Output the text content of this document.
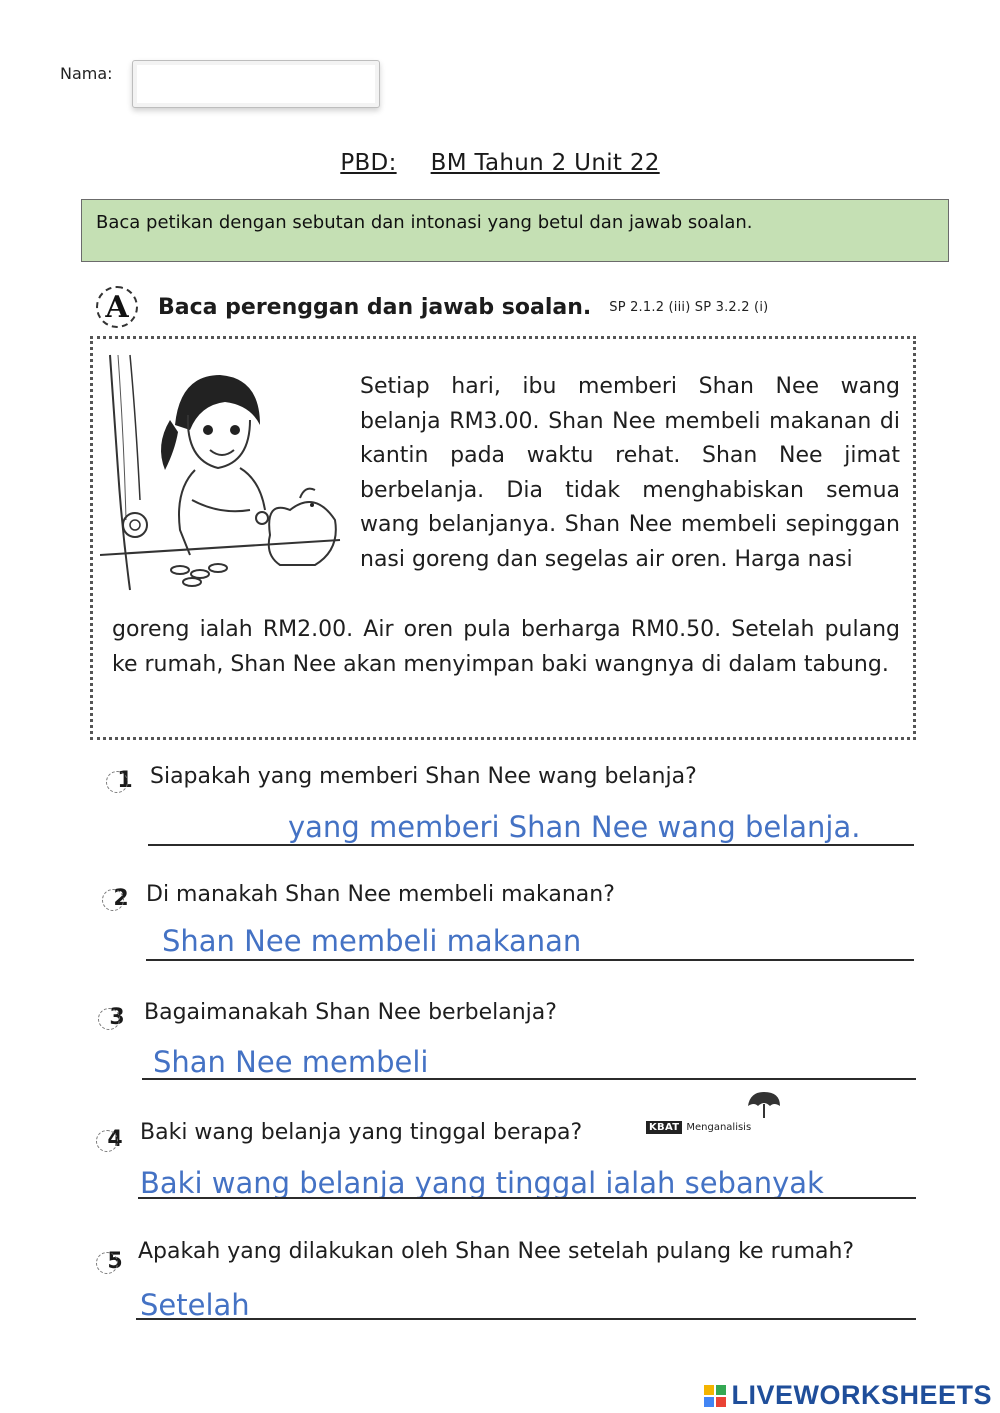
Nama:
PBD: BM Tahun 2 Unit 22
Baca petikan dengan sebutan dan intonasi yang betul dan jawab soalan.
A	Baca perenggan dan jawab soalan. SP 2.1.2 (iii) SP 3.2.2 (i)

Setiap hari, ibu memberi Shan Nee wang belanja RM3.00. Shan Nee membeli makanan di kantin pada waktu rehat. Shan Nee jimat berbelanja. Dia tidak menghabiskan semua wang belanjanya. Shan Nee membeli sepinggan nasi goreng dan segelas air oren. Harga nasi

goreng ialah RM2.00. Air oren pula berharga RM0.50. Setelah pulang ke rumah, Shan Nee akan menyimpan baki wangnya di dalam tabung.

1 Siapakah yang memberi Shan Nee wang belanja?
yang memberi Shan Nee wang belanja.
2 Di manakah Shan Nee membeli makanan?
Shan Nee membeli makanan
3 Bagaimanakah Shan Nee berbelanja?
Shan Nee membeli
4 Baki wang belanja yang tinggal berapa?	KBAT Menganalisis
Baki wang belanja yang tinggal ialah sebanyak
5 Apakah yang dilakukan oleh Shan Nee setelah pulang ke rumah?
Setelah
LIVEWORKSHEETS
